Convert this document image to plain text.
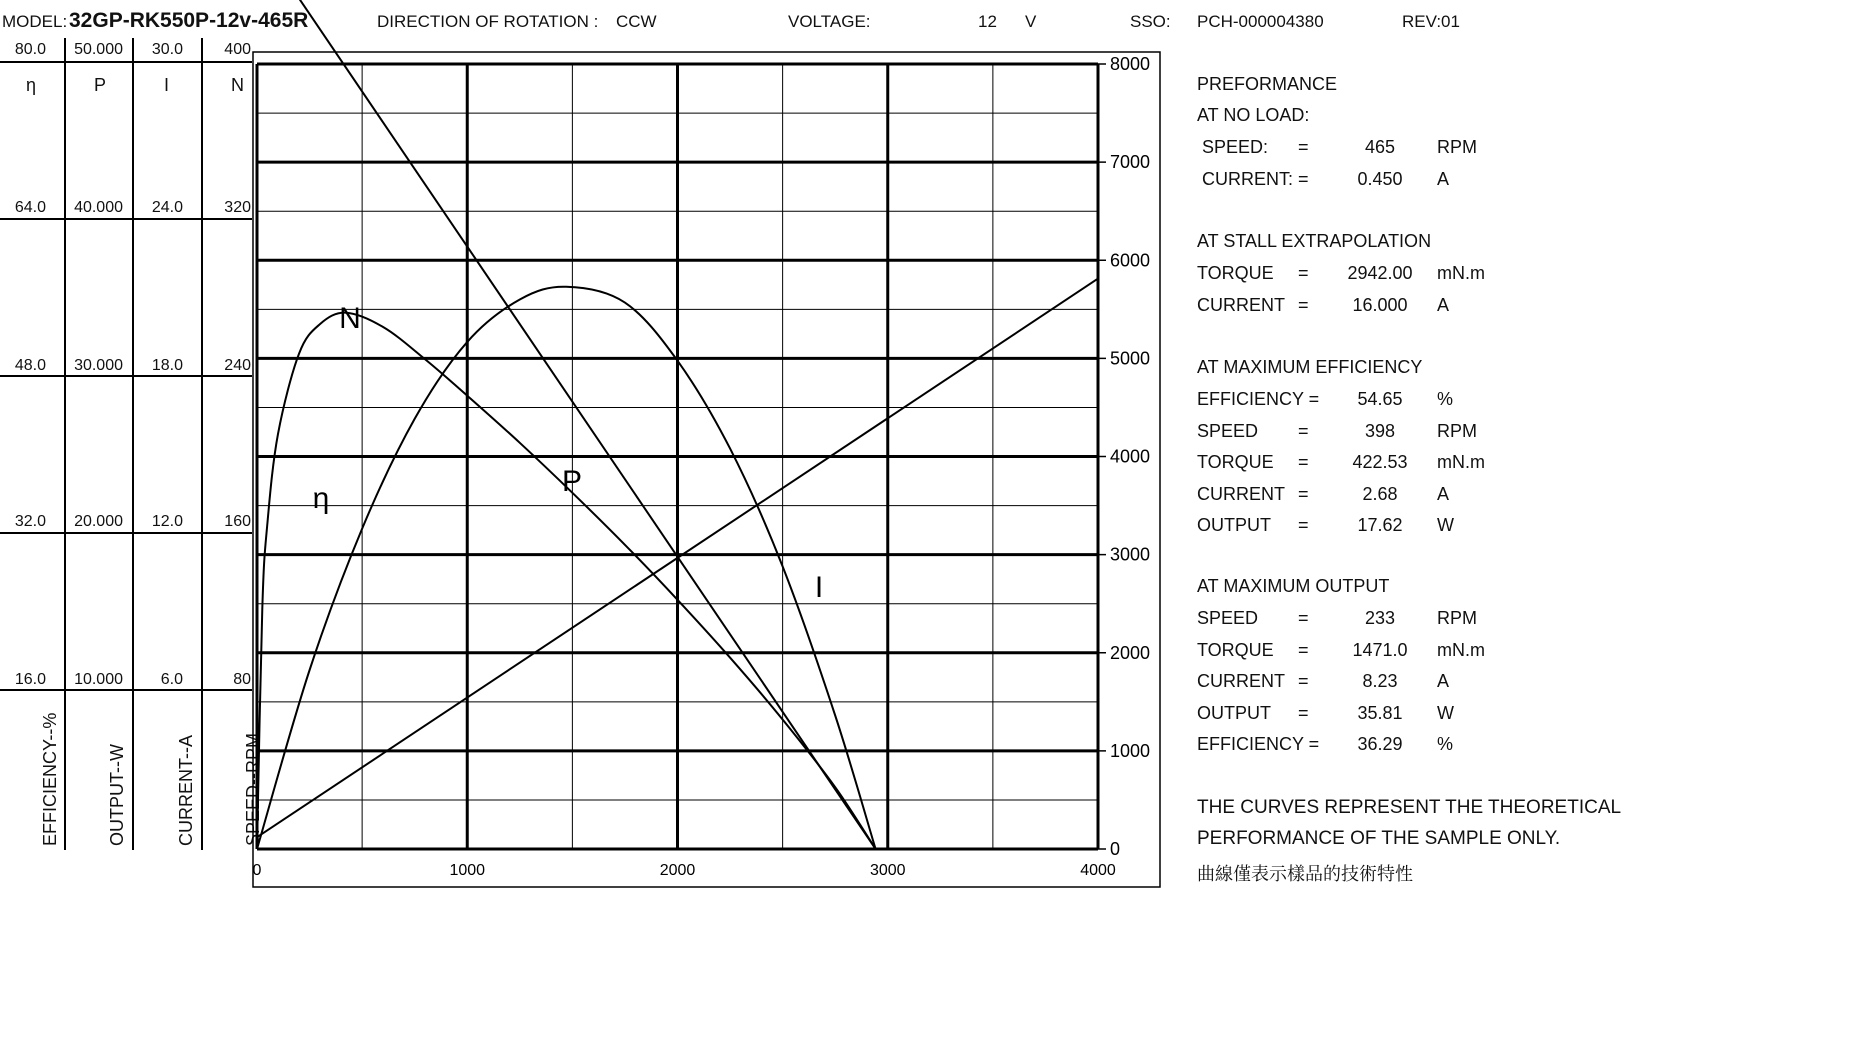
MODEL: 32GP-RK550P-12v-465R	DIRECTION OF ROTATION : CCW	VOLTAGE:	12 V	SSO: PCH-000004380	REV:01
80.0 50.000 30.0	400
64.0 40.000 24.0	320
48.0 30.000 18.0	240
32.0 20.000 12.0	160
16.0 10.000 6.0	80
η	P	I	N
EFFICIENCY--%	OUTPUT--W	CURRENT--A	SPEED--RPM
0
1000
2000
3000
4000
5000
6000
7000
8000
0	1000	2000	3000	4000
N
I
P
η
PREFORMANCE
AT NO LOAD:
SPEED: =	465	RPM
CURRENT: =	0.450	A
AT STALL EXTRAPOLATION
TORQUE =	2942.00	mN.m
CURRENT =	16.000	A
AT MAXIMUM EFFICIENCY
EFFICIENCY =	54.65	%
SPEED =	398	RPM
TORQUE =	422.53	mN.m
CURRENT =	2.68	A
OUTPUT =	17.62	W
AT MAXIMUM OUTPUT
SPEED =	233	RPM
TORQUE =	1471.0	mN.m
CURRENT =	8.23	A
OUTPUT =	35.81	W
EFFICIENCY =	36.29	%
THE CURVES REPRESENT THE THEORETICAL
PERFORMANCE OF THE SAMPLE ONLY.
曲線僅表示樣品的技術特性
